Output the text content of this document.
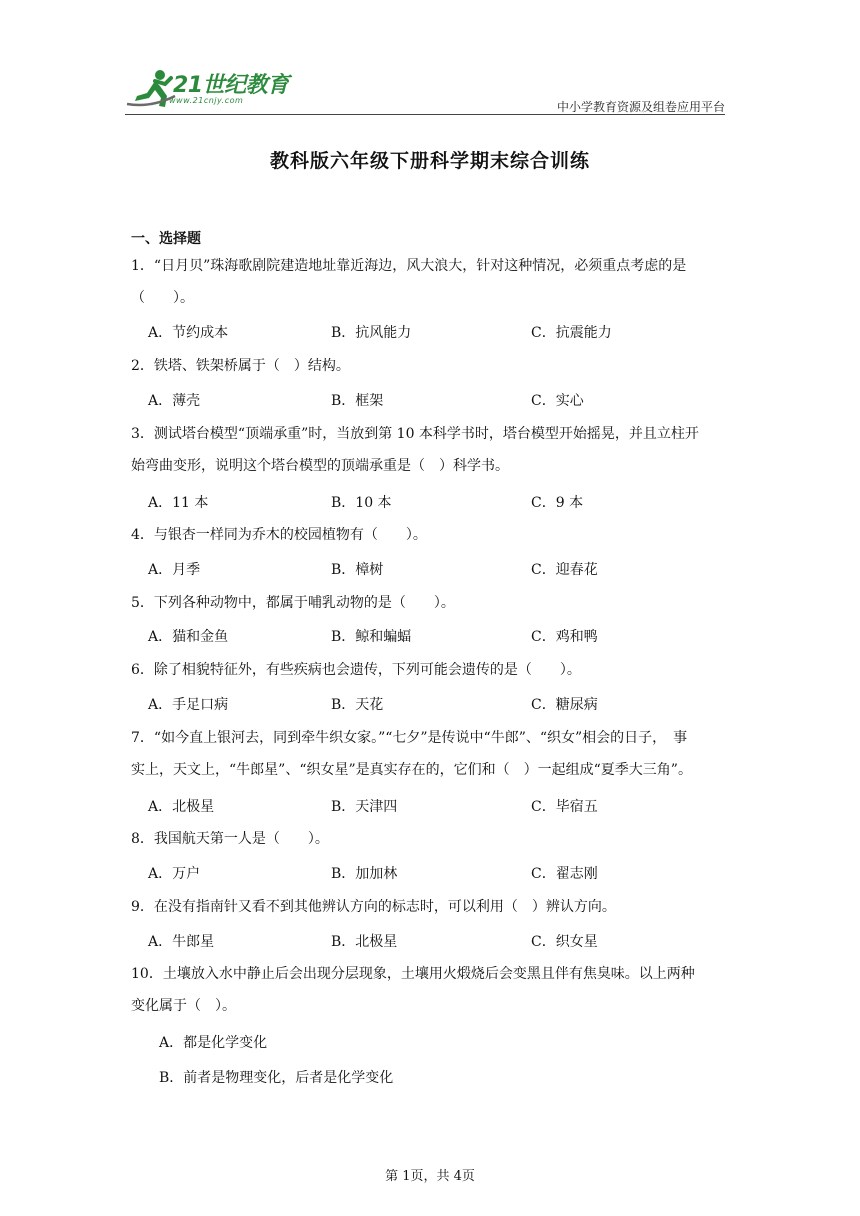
21世纪教育
www.21cnjy.com	中小学教育资源及组卷应用平台
教科版六年级下册科学期末综合训练
一、选择题
1．“日月贝”珠海歌剧院建造地址靠近海边，风大浪大，针对这种情况，必须重点考虑的是
（　　）。
A．节约成本	B．抗风能力	C．抗震能力
2．铁塔、铁架桥属于（　）结构。
A．薄壳	B．框架	C．实心
3．测试塔台模型“顶端承重”时，当放到第 10 本科学书时，塔台模型开始摇晃，并且立柱开
始弯曲变形，说明这个塔台模型的顶端承重是（　）科学书。
A．11 本	B．10 本	C．9 本
4．与银杏一样同为乔木的校园植物有（　　）。
A．月季	B．樟树	C．迎春花
5．下列各种动物中，都属于哺乳动物的是（　　）。
A．猫和金鱼	B．鲸和蝙蝠	C．鸡和鸭
6．除了相貌特征外，有些疾病也会遗传，下列可能会遗传的是（　　）。
A．手足口病	B．天花	C．糖尿病
7．“如今直上银河去，同到牵牛织女家。”“七夕”是传说中“牛郎”、“织女”相会的日子，　事
实上，天文上，“牛郎星”、“织女星”是真实存在的，它们和（　）一起组成“夏季大三角”。
A．北极星	B．天津四	C．毕宿五
8．我国航天第一人是（　　）。
A．万户	B．加加林	C．翟志刚
9．在没有指南针又看不到其他辨认方向的标志时，可以利用（　）辨认方向。
A．牛郎星	B．北极星	C．织女星
10．土壤放入水中静止后会出现分层现象，土壤用火煅烧后会变黑且伴有焦臭味。以上两种
变化属于（　）。
A．都是化学变化
B．前者是物理变化，后者是化学变化
第 1页，共 4页
